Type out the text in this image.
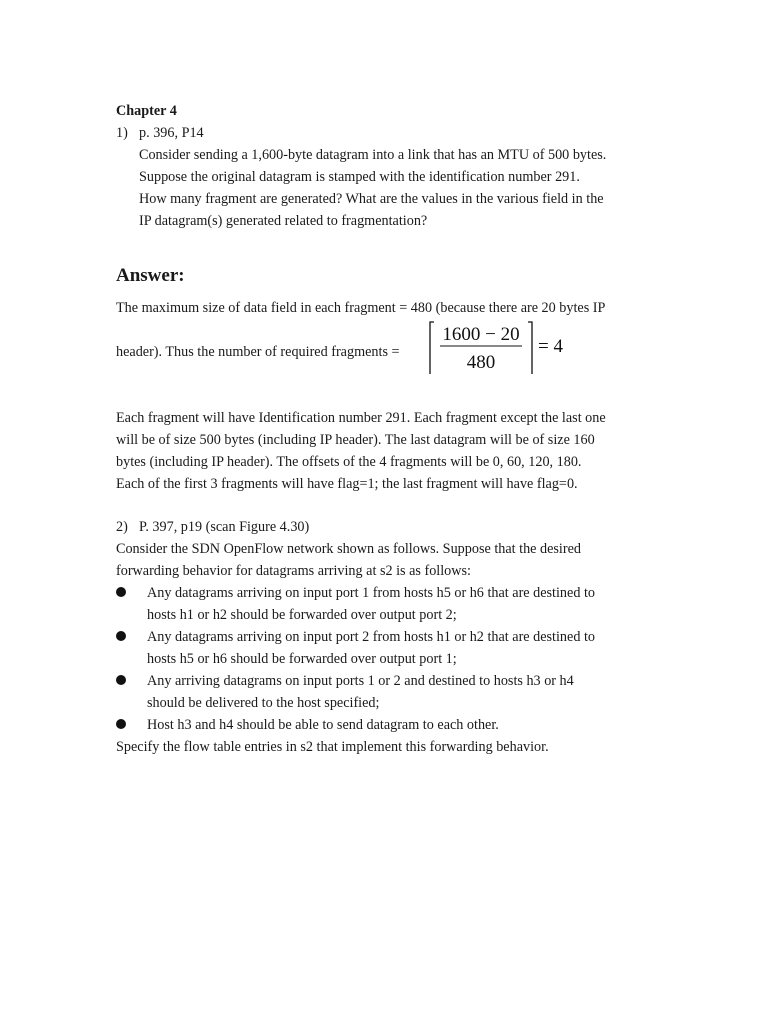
Chapter 4
1) p. 396, P14
Consider sending a 1,600-byte datagram into a link that has an MTU of 500 bytes.
Suppose the original datagram is stamped with the identification number 291.
How many fragment are generated? What are the values in the various field in the
IP datagram(s) generated related to fragmentation?
Answer:
The maximum size of data field in each fragment = 480 (because there are 20 bytes IP
header). Thus the number of required fragments =
1600 − 20
480
= 4
Each fragment will have Identification number 291. Each fragment except the last one
will be of size 500 bytes (including IP header). The last datagram will be of size 160
bytes (including IP header). The offsets of the 4 fragments will be 0, 60, 120, 180.
Each of the first 3 fragments will have flag=1; the last fragment will have flag=0.
2) P. 397, p19 (scan Figure 4.30)
Consider the SDN OpenFlow network shown as follows. Suppose that the desired
forwarding behavior for datagrams arriving at s2 is as follows:
Any datagrams arriving on input port 1 from hosts h5 or h6 that are destined to
hosts h1 or h2 should be forwarded over output port 2;
Any datagrams arriving on input port 2 from hosts h1 or h2 that are destined to
hosts h5 or h6 should be forwarded over output port 1;
Any arriving datagrams on input ports 1 or 2 and destined to hosts h3 or h4
should be delivered to the host specified;
Host h3 and h4 should be able to send datagram to each other.
Specify the flow table entries in s2 that implement this forwarding behavior.
